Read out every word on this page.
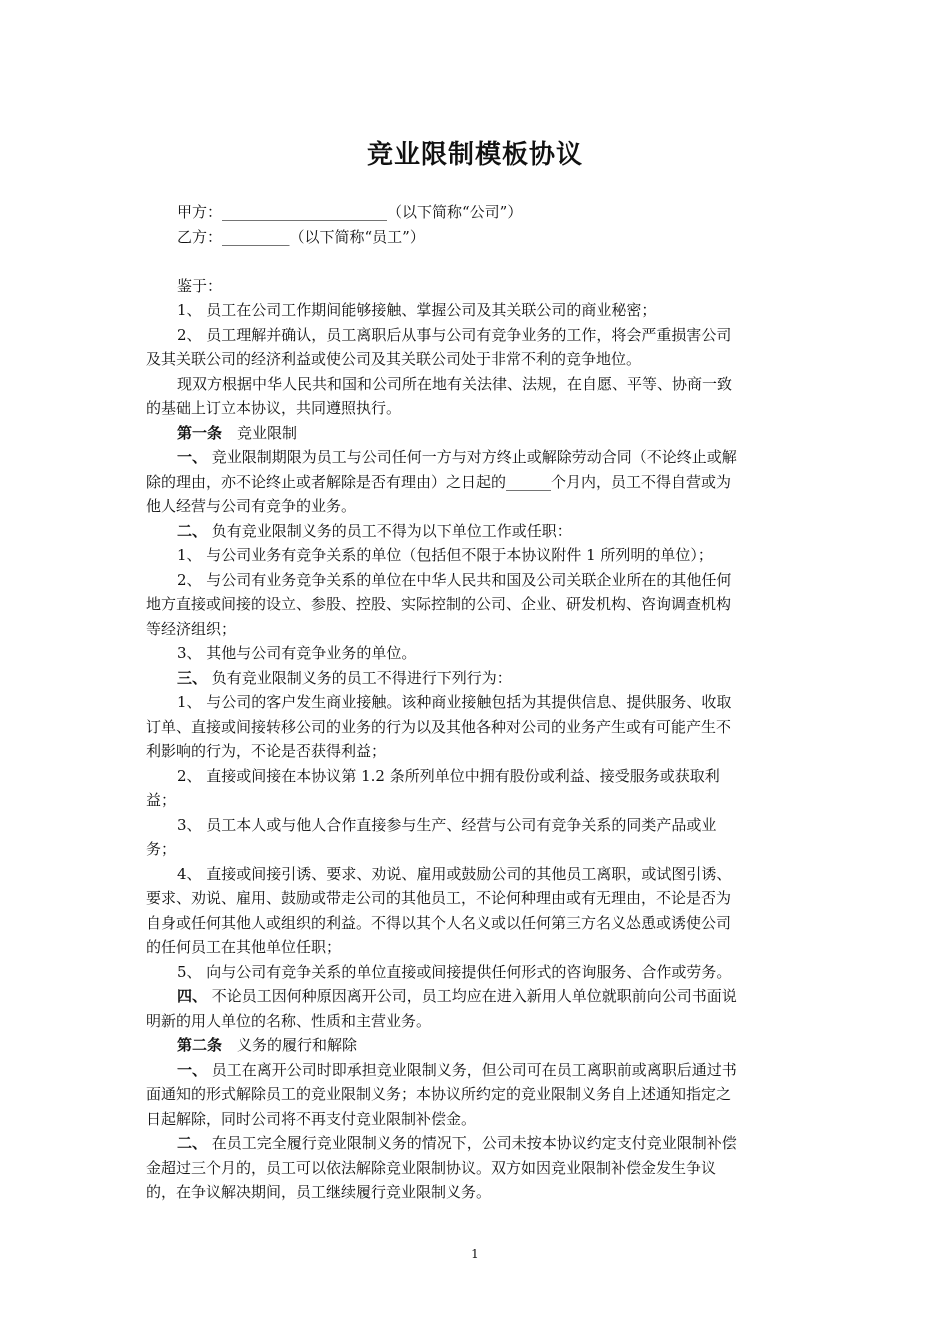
竞业限制模板协议
甲方：______________________（以下简称“公司”）
乙方：_________（以下简称“员工”）
鉴于：
1、 员工在公司工作期间能够接触、掌握公司及其关联公司的商业秘密；
2、 员工理解并确认，员工离职后从事与公司有竞争业务的工作，将会严重损害公司
及其关联公司的经济利益或使公司及其关联公司处于非常不利的竞争地位。
现双方根据中华人民共和国和公司所在地有关法律、法规，在自愿、平等、协商一致
的基础上订立本协议，共同遵照执行。
第一条　竞业限制
一、 竞业限制期限为员工与公司任何一方与对方终止或解除劳动合同（不论终止或解
除的理由，亦不论终止或者解除是否有理由）之日起的______个月内，员工不得自营或为
他人经营与公司有竞争的业务。
二、 负有竞业限制义务的员工不得为以下单位工作或任职：
1、 与公司业务有竞争关系的单位（包括但不限于本协议附件 1 所列明的单位）；
2、 与公司有业务竞争关系的单位在中华人民共和国及公司关联企业所在的其他任何
地方直接或间接的设立、参股、控股、实际控制的公司、企业、研发机构、咨询调查机构
等经济组织；
3、 其他与公司有竞争业务的单位。
三、 负有竞业限制义务的员工不得进行下列行为：
1、 与公司的客户发生商业接触。该种商业接触包括为其提供信息、提供服务、收取
订单、直接或间接转移公司的业务的行为以及其他各种对公司的业务产生或有可能产生不
利影响的行为，不论是否获得利益；
2、 直接或间接在本协议第 1.2 条所列单位中拥有股份或利益、接受服务或获取利
益；
3、 员工本人或与他人合作直接参与生产、经营与公司有竞争关系的同类产品或业
务；
4、 直接或间接引诱、要求、劝说、雇用或鼓励公司的其他员工离职，或试图引诱、
要求、劝说、雇用、鼓励或带走公司的其他员工，不论何种理由或有无理由，不论是否为
自身或任何其他人或组织的利益。不得以其个人名义或以任何第三方名义怂恿或诱使公司
的任何员工在其他单位任职；
5、 向与公司有竞争关系的单位直接或间接提供任何形式的咨询服务、合作或劳务。
四、 不论员工因何种原因离开公司，员工均应在进入新用人单位就职前向公司书面说
明新的用人单位的名称、性质和主营业务。
第二条　义务的履行和解除
一、 员工在离开公司时即承担竞业限制义务，但公司可在员工离职前或离职后通过书
面通知的形式解除员工的竞业限制义务；本协议所约定的竞业限制义务自上述通知指定之
日起解除，同时公司将不再支付竞业限制补偿金。
二、 在员工完全履行竞业限制义务的情况下，公司未按本协议约定支付竞业限制补偿
金超过三个月的，员工可以依法解除竞业限制协议。双方如因竞业限制补偿金发生争议
的，在争议解决期间，员工继续履行竞业限制义务。
1
